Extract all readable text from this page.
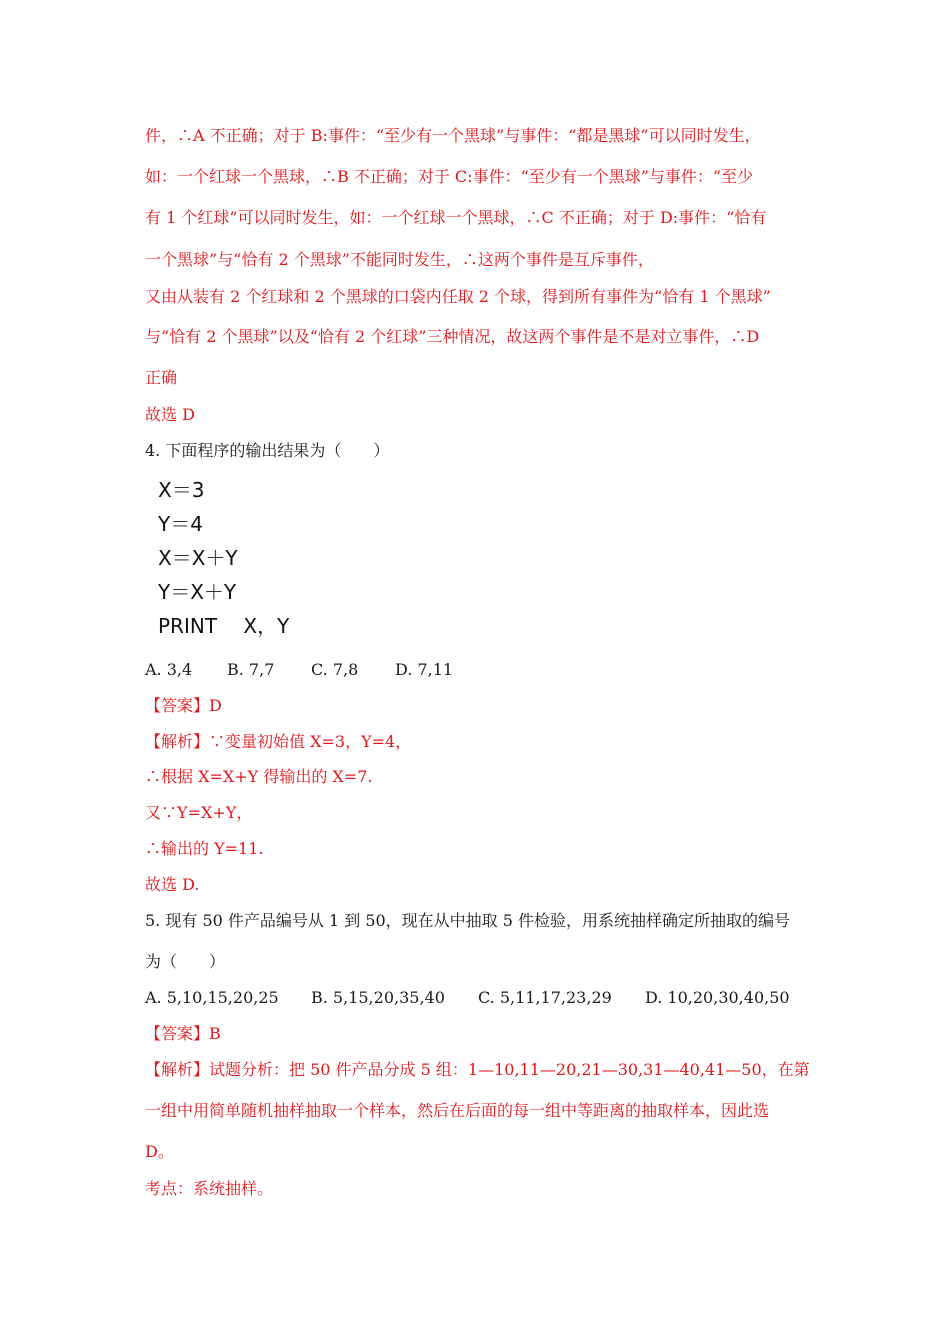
件，∴A 不正确；对于 B:事件：“至少有一个黑球”与事件：“都是黑球”可以同时发生，
如：一个红球一个黑球，∴B 不正确；对于 C:事件：“至少有一个黑球”与事件：“至少
有 1 个红球”可以同时发生，如：一个红球一个黑球，∴C 不正确；对于 D:事件：“恰有
一个黑球”与“恰有 2 个黑球”不能同时发生，∴这两个事件是互斥事件，
又由从装有 2 个红球和 2 个黑球的口袋内任取 2 个球，得到所有事件为“恰有 1 个黑球”
与“恰有 2 个黑球”以及“恰有 2 个红球”三种情况，故这两个事件是不是对立事件，∴D
正确
故选 D
4. 下面程序的输出结果为（　　）
X＝3
Y＝4
X＝X＋Y
Y＝X＋Y
PRINT　 X，Y
A. 3,4 B. 7,7 C. 7,8 D. 7,11
【答案】D
【解析】∵变量初始值 X=3，Y=4，
∴根据 X=X+Y 得输出的 X=7.
又∵Y=X+Y，
∴输出的 Y=11.
故选 D.
5. 现有 50 件产品编号从 1 到 50，现在从中抽取 5 件检验，用系统抽样确定所抽取的编号
为（　　）
A. 5,10,15,20,25 B. 5,15,20,35,40 C. 5,11,17,23,29 D. 10,20,30,40,50
【答案】B
【解析】试题分析：把 50 件产品分成 5 组：1—10,11—20,21—30,31—40,41—50，在第
一组中用简单随机抽样抽取一个样本，然后在后面的每一组中等距离的抽取样本，因此选
D。
考点：系统抽样。
